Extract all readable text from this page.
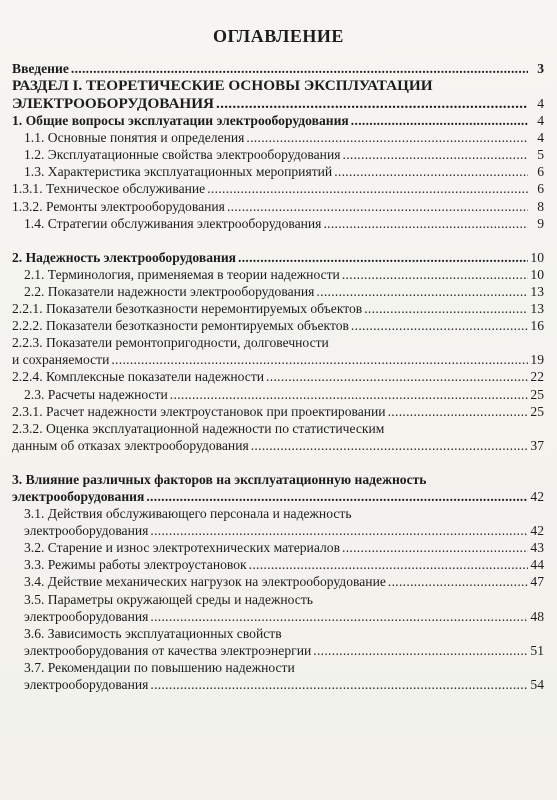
ОГЛАВЛЕНИЕ
Введение .....	3
РАЗДЕЛ I. ТЕОРЕТИЧЕСКИЕ ОСНОВЫ ЭКСПЛУАТАЦИИ
ЭЛЕКТРООБОРУДОВАНИЯ .....	4
1. Общие вопросы эксплуатации электрооборудования .....	4
1.1. Основные понятия и определения .....	4
1.2. Эксплуатационные свойства электрооборудования .....	5
1.3. Характеристика эксплуатационных мероприятий .....	6
1.3.1. Техническое обслуживание .....	6
1.3.2. Ремонты электрооборудования .....	8
1.4. Стратегии обслуживания электрооборудования .....	9
2. Надежность электрооборудования .....	10
2.1. Терминология, применяемая в теории надежности .....	10
2.2. Показатели надежности электрооборудования .....	13
2.2.1. Показатели безотказности неремонтируемых объектов .....	13
2.2.2. Показатели безотказности ремонтируемых объектов .....	16
2.2.3. Показатели ремонтопригодности, долговечности
и сохраняемости .....	19
2.2.4. Комплексные показатели надежности .....	22
2.3. Расчеты надежности .....	25
2.3.1. Расчет надежности электроустановок при проектировании .....	25
2.3.2. Оценка эксплуатационной надежности по статистическим
данным об отказах электрооборудования .....	37
3. Влияние различных факторов на эксплуатационную надежность
электрооборудования .....	42
3.1. Действия обслуживающего персонала и надежность
электрооборудования .....	42
3.2. Старение и износ электротехнических материалов .....	43
3.3. Режимы работы электроустановок .....	44
3.4. Действие механических нагрузок на электрооборудование .....	47
3.5. Параметры окружающей среды и надежность
электрооборудования .....	48
3.6. Зависимость эксплуатационных свойств
электрооборудования от качества электроэнергии .....	51
3.7. Рекомендации по повышению надежности
электрооборудования .....	54
